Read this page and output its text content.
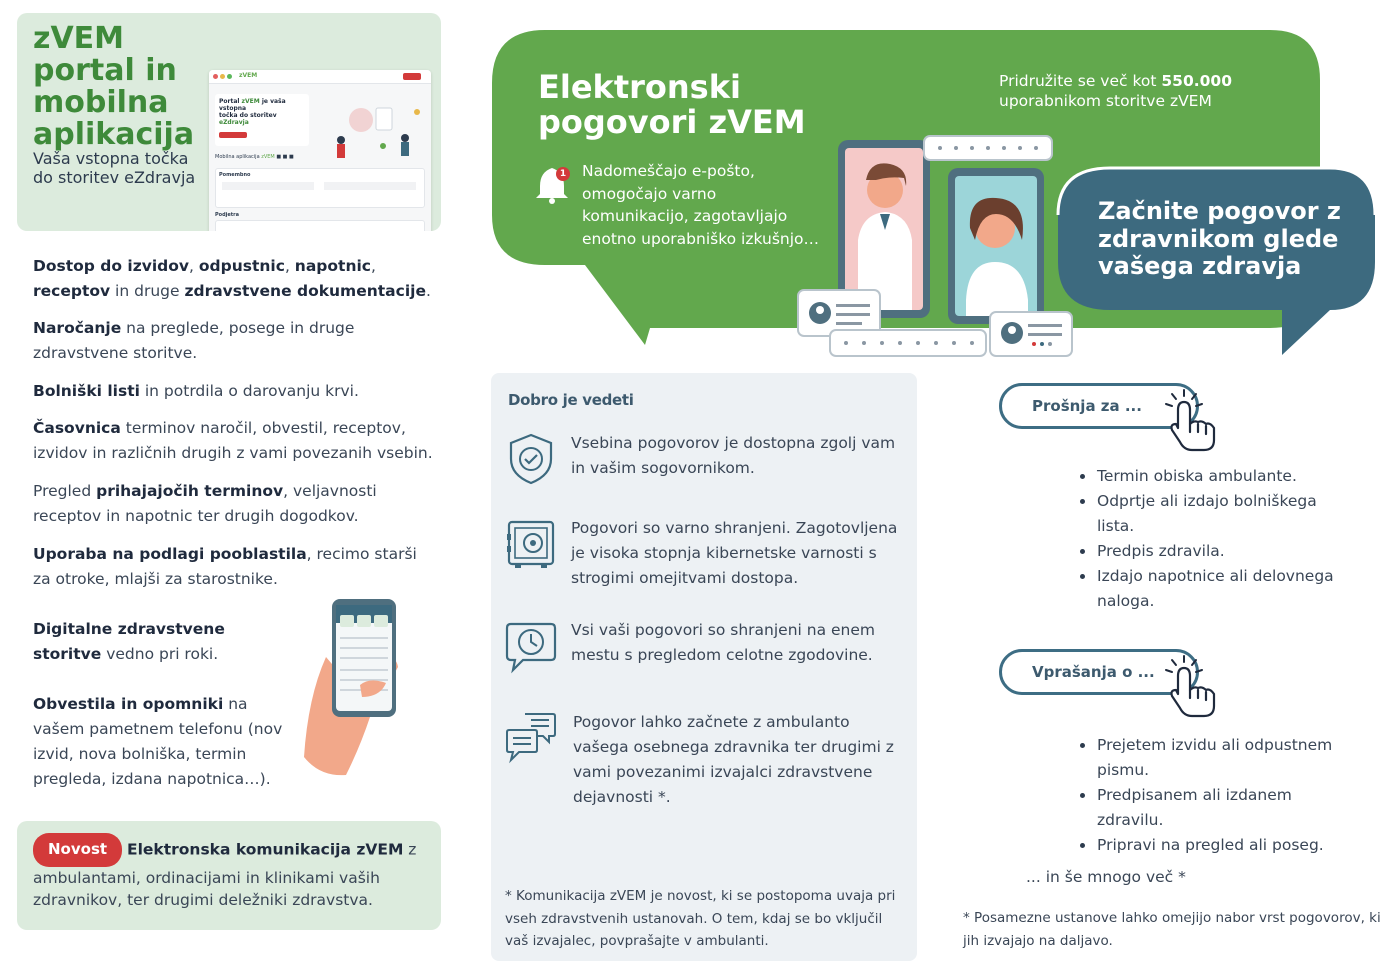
zVEM portal in mobilna aplikacija
Vaša vstopna točka do storitev eZdravja
zVEM
Portal zVEM je vaša vstopna
točka do storitev eZdravja
Mobilna aplikacija zVEM ■ ■ ■
Pomembno
Podjetra
Dostop do izvidov, odpustnic, napotnic, receptov in druge zdravstvene dokumentacije.
Naročanje na preglede, posege in druge zdravstvene storitve.
Bolniški listi in potrdila o darovanju krvi.
Časovnica terminov naročil, obvestil, receptov, izvidov in različnih drugih z vami povezanih vsebin.
Pregled prihajajočih terminov, veljavnosti receptov in napotnic ter drugih dogodkov.
Uporaba na podlagi pooblastila, recimo starši za otroke, mlajši za starostnike.
Digitalne zdravstvene storitve vedno pri roki.
Obvestila in opomniki na vašem pametnem telefonu (nov izvid, nova bolniška, termin pregleda, izdana napotnica…).
Novost Elektronska komunikacija zVEM z ambulantami, ordinacijami in klinikami vaših zdravnikov, ter drugimi deležniki zdravstva.
Elektronski pogovori zVEM
Pridružite se več kot 550.000
uporabnikom storitve zVEM
1 Nadomeščajo e-pošto, omogočajo varno komunikacijo, zagotavljajo enotno uporabniško izkušnjo…
Začnite pogovor z zdravnikom glede vašega zdravja
Dobro je vedeti
Vsebina pogovorov je dostopna zgolj vam in vašim sogovornikom.
Pogovori so varno shranjeni. Zagotovljena je visoka stopnja kibernetske varnosti s strogimi omejitvami dostopa.
Vsi vaši pogovori so shranjeni na enem mestu s pregledom celotne zgodovine.
Pogovor lahko začnete z ambulanto vašega osebnega zdravnika ter drugimi z vami povezanimi izvajalci zdravstvene dejavnosti *.
* Komunikacija zVEM je novost, ki se postopoma uvaja pri vseh zdravstvenih ustanovah. O tem, kdaj se bo vključil vaš izvajalec, povprašajte v ambulanti.
Prošnja za ...
Termin obiska ambulante.
Odprtje ali izdajo bolniškega lista.
Predpis zdravila.
Izdajo napotnice ali delovnega naloga.
Vprašanja o ...
Prejetem izvidu ali odpustnem pismu.
Predpisanem ali izdanem zdravilu.
Pripravi na pregled ali poseg.
... in še mnogo več *
* Posamezne ustanove lahko omejijo nabor vrst pogovorov, ki jih izvajajo na daljavo.
